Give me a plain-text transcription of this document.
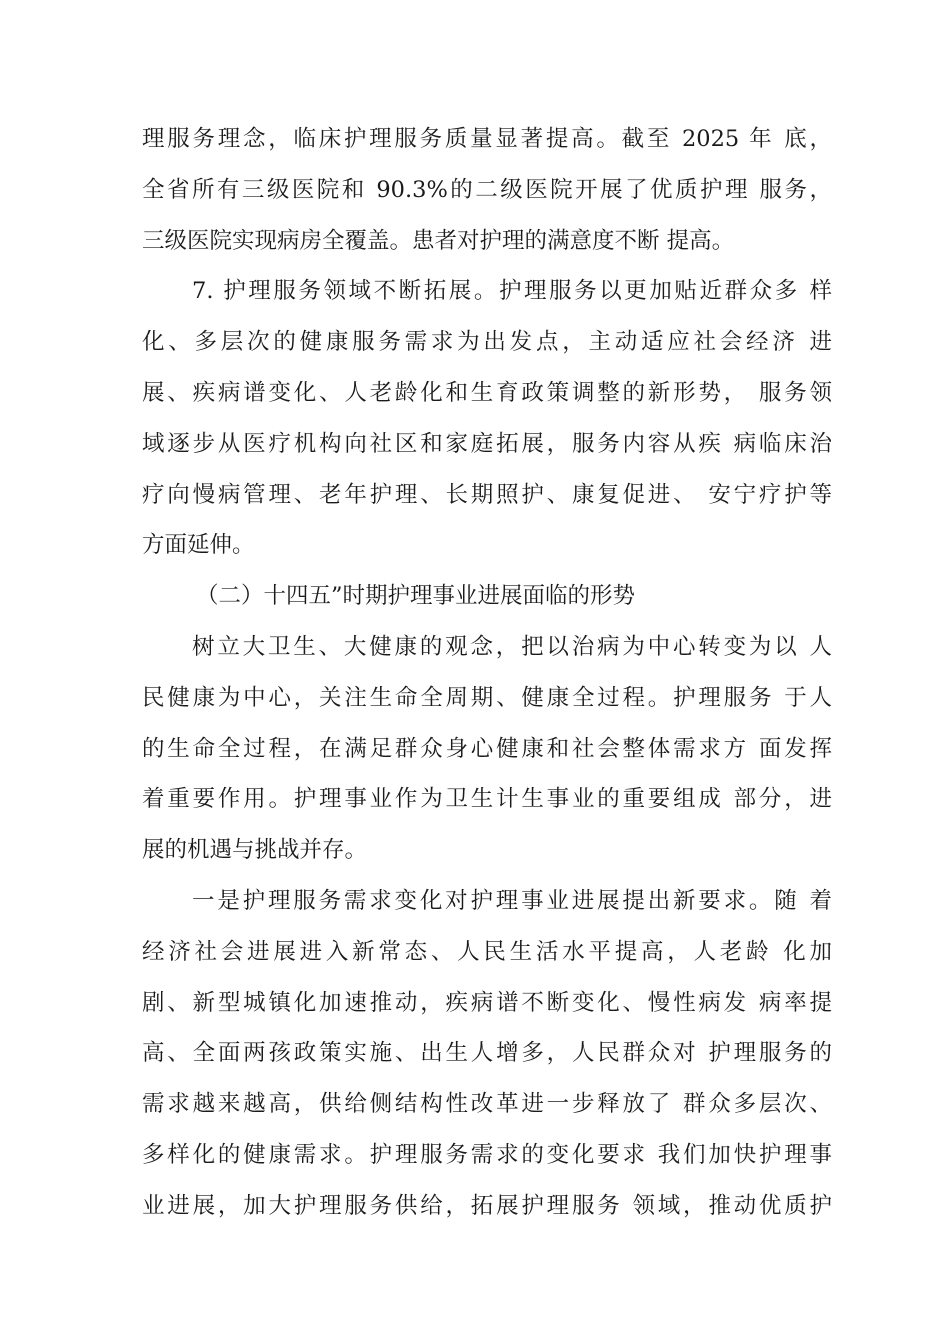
理服务理念，临床护理服务质量显著提高。截至 2025 年 底，
全省所有三级医院和 90.3%的二级医院开展了优质护理 服务，
三级医院实现病房全覆盖。患者对护理的满意度不断 提高。
7. 护理服务领域不断拓展。护理服务以更加贴近群众多 样
化、多层次的健康服务需求为出发点，主动适应社会经济 进
展、疾病谱变化、人老龄化和生育政策调整的新形势， 服务领
域逐步从医疗机构向社区和家庭拓展，服务内容从疾 病临床治
疗向慢病管理、老年护理、长期照护、康复促进、 安宁疗护等
方面延伸。
（二）十四五”时期护理事业进展面临的形势
树立大卫生、大健康的观念，把以治病为中心转变为以 人
民健康为中心，关注生命全周期、健康全过程。护理服务 于人
的生命全过程，在满足群众身心健康和社会整体需求方 面发挥
着重要作用。护理事业作为卫生计生事业的重要组成 部分，进
展的机遇与挑战并存。
一是护理服务需求变化对护理事业进展提出新要求。随 着
经济社会进展进入新常态、人民生活水平提高，人老龄 化加
剧、新型城镇化加速推动，疾病谱不断变化、慢性病发 病率提
高、全面两孩政策实施、出生人增多，人民群众对 护理服务的
需求越来越高，供给侧结构性改革进一步释放了 群众多层次、
多样化的健康需求。护理服务需求的变化要求 我们加快护理事
业进展，加大护理服务供给，拓展护理服务 领域，推动优质护
